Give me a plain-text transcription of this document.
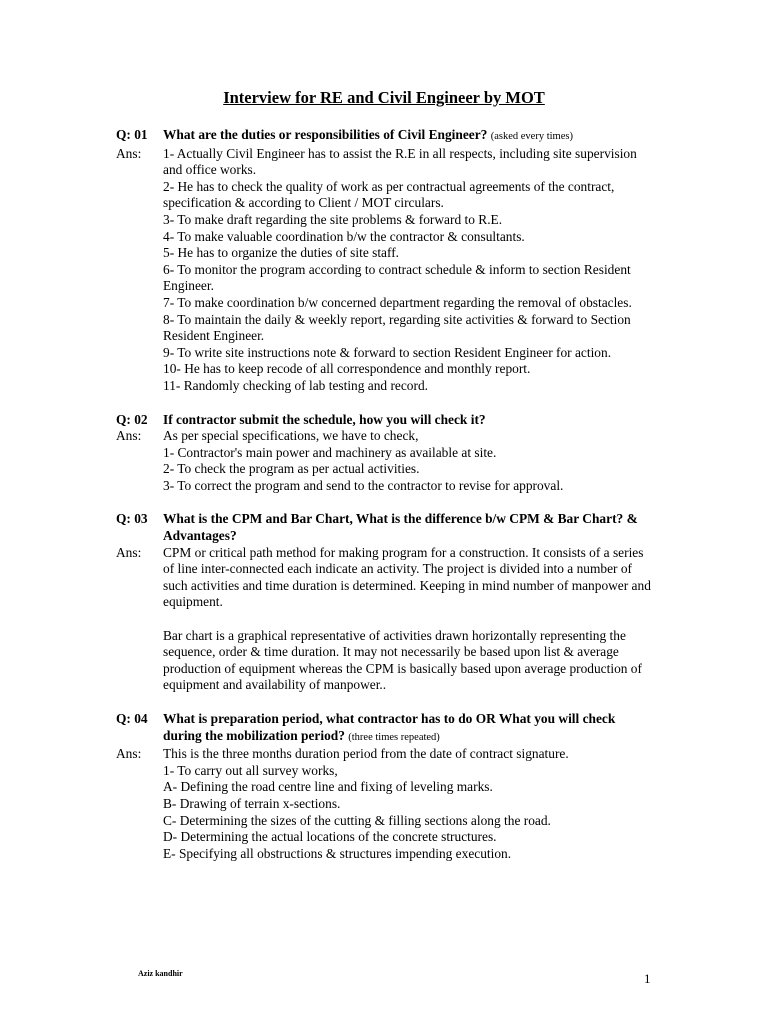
Interview for RE and Civil Engineer by MOT
Q: 01	What are the duties or responsibilities of Civil Engineer? (asked every times)
Ans:	1- Actually Civil Engineer has to assist the R.E in all respects, including site supervision and office works.
2- He has to check the quality of work as per contractual agreements of the contract, specification & according to Client / MOT circulars.
3- To make draft regarding the site problems & forward to R.E.
4- To make valuable coordination b/w the contractor & consultants.
5- He has to organize the duties of site staff.
6- To monitor the program according to contract schedule & inform to section Resident Engineer.
7- To make coordination b/w concerned department regarding the removal of obstacles.
8- To maintain the daily & weekly report, regarding site activities & forward to Section Resident Engineer.
9- To write site instructions note & forward to section Resident Engineer for action.
10- He has to keep recode of all correspondence and monthly report.
11- Randomly checking of lab testing and record.
Q: 02	If contractor submit the schedule, how you will check it?
Ans:	As per special specifications, we have to check,
1- Contractor's main power and machinery as available at site.
2- To check the program as per actual activities.
3- To correct the program and send to the contractor to revise for approval.
Q: 03	What is the CPM and Bar Chart, What is the difference b/w CPM & Bar Chart? & Advantages?
Ans:	CPM or critical path method for making program for a construction. It consists of a series of line inter-connected each indicate an activity. The project is divided into a number of such activities and time duration is determined. Keeping in mind number of manpower and equipment.
Bar chart is a graphical representative of activities drawn horizontally representing the sequence, order & time duration. It may not necessarily be based upon list & average production of equipment whereas the CPM is basically based upon average production of equipment and availability of manpower..
Q: 04	What is preparation period, what contractor has to do OR What you will check during the mobilization period? (three times repeated)
Ans:	This is the three months duration period from the date of contract signature.
1- To carry out all survey works,
A- Defining the road centre line and fixing of leveling marks.
B- Drawing of terrain x-sections.
C- Determining the sizes of the cutting & filling sections along the road.
D- Determining the actual locations of the concrete structures.
E- Specifying all obstructions & structures impending execution.
Aziz kandhir	1
